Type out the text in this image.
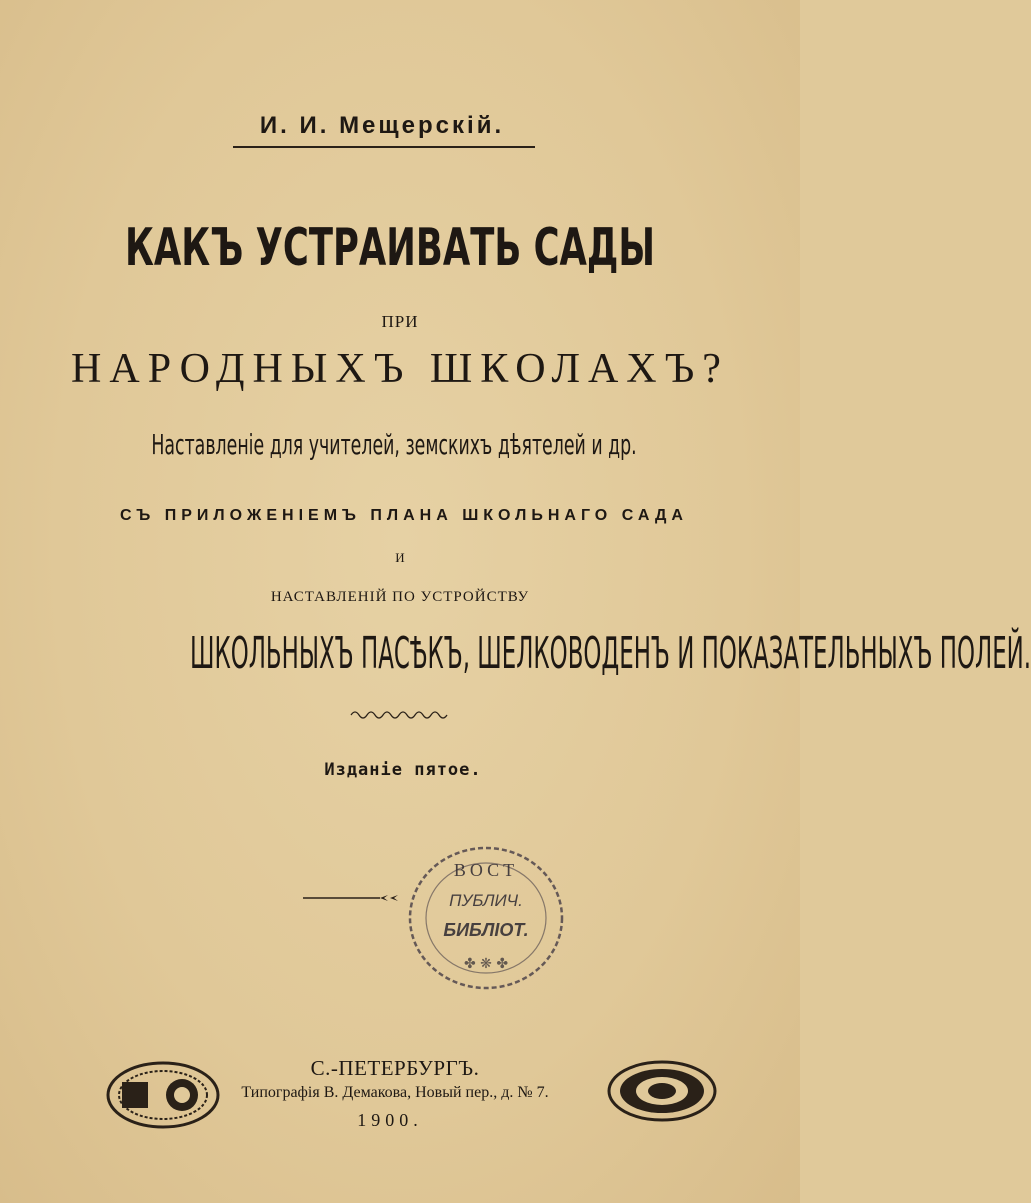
И. И. Мещерскій.
КАКЪ УСТРАИВАТЬ САДЫ
ПРИ
НАРОДНЫХЪ ШКОЛАХЪ?
Наставленіе для учителей, земскихъ дѣятелей и др.
СЪ ПРИЛОЖЕНІЕМЪ ПЛАНА ШКОЛЬНАГО САДА
И
НАСТАВЛЕНІЙ ПО УСТРОЙСТВУ
ШКОЛЬНЫХЪ ПАСѢКЪ, ШЕЛКОВОДЕНЪ И ПОКАЗАТЕЛЬНЫХЪ ПОЛЕЙ.
Изданіе пятое.
ВОСТ
ПУБЛИЧ.
БИБЛІОТ.
✤ ❋ ✤
С.-ПЕТЕРБУРГЪ.
Типографія В. Демакова, Новый пер., д. № 7.
1900.
